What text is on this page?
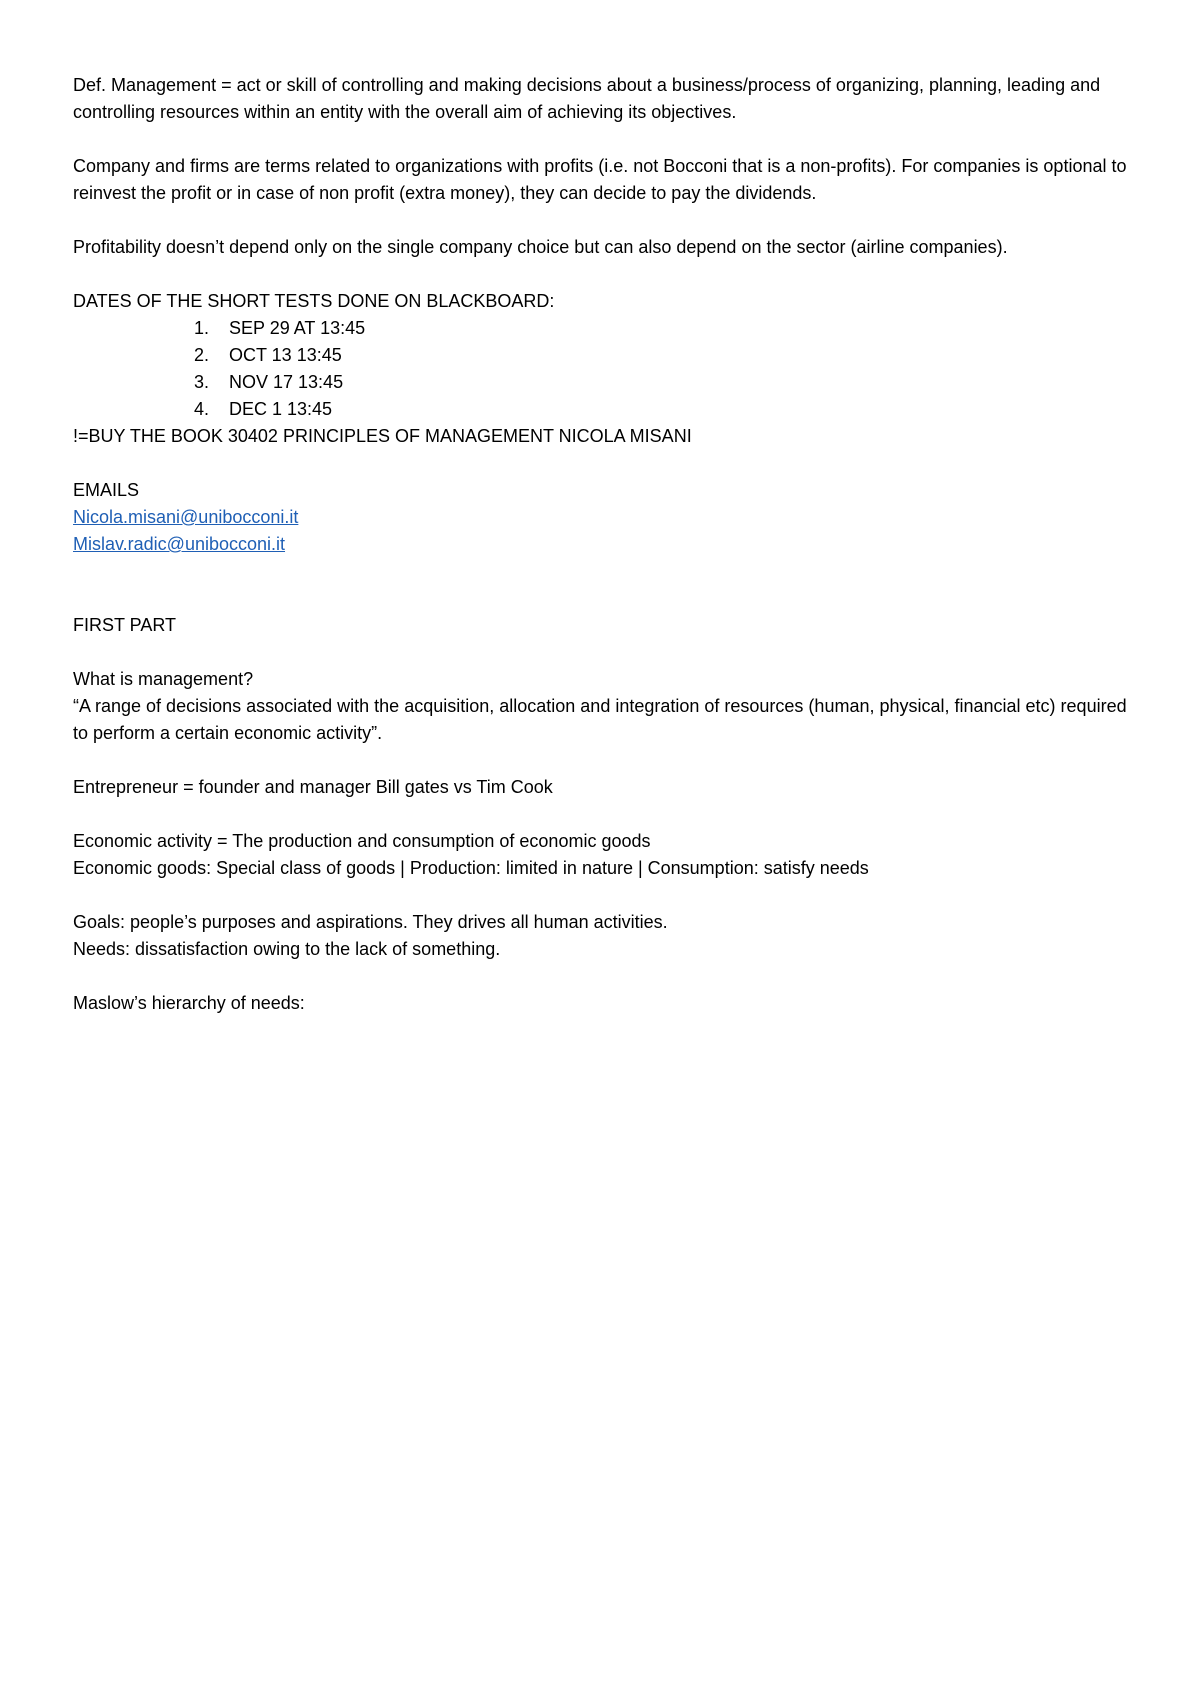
Def. Management = act or skill of controlling and making decisions about a business/process of organizing, planning, leading and controlling resources within an entity with the overall aim of achieving its objectives.

Company and firms are terms related to organizations with profits (i.e. not Bocconi that is a non-profits). For companies is optional to reinvest the profit or in case of non profit (extra money), they can decide to pay the dividends.

Profitability doesn’t depend only on the single company choice but can also depend on the sector (airline companies).

DATES OF THE SHORT TESTS DONE ON BLACKBOARD:

1.	SEP 29 AT 13:45
2.	OCT 13 13:45
3.	NOV 17 13:45
4.	DEC 1 13:45

!=BUY THE BOOK 30402 PRINCIPLES OF MANAGEMENT NICOLA MISANI

EMAILS

Nicola.misani@unibocconi.it
Mislav.radic@unibocconi.it

FIRST PART

What is management?

“A range of decisions associated with the acquisition, allocation and integration of resources (human, physical, financial etc) required to perform a certain economic activity”.

Entrepreneur = founder and manager Bill gates vs Tim Cook

Economic activity = The production and consumption of economic goods

Economic goods: Special class of goods | Production: limited in nature | Consumption: satisfy needs

Goals: people’s purposes and aspirations. They drives all human activities.

Needs: dissatisfaction owing to the lack of something.

Maslow’s hierarchy of needs:
